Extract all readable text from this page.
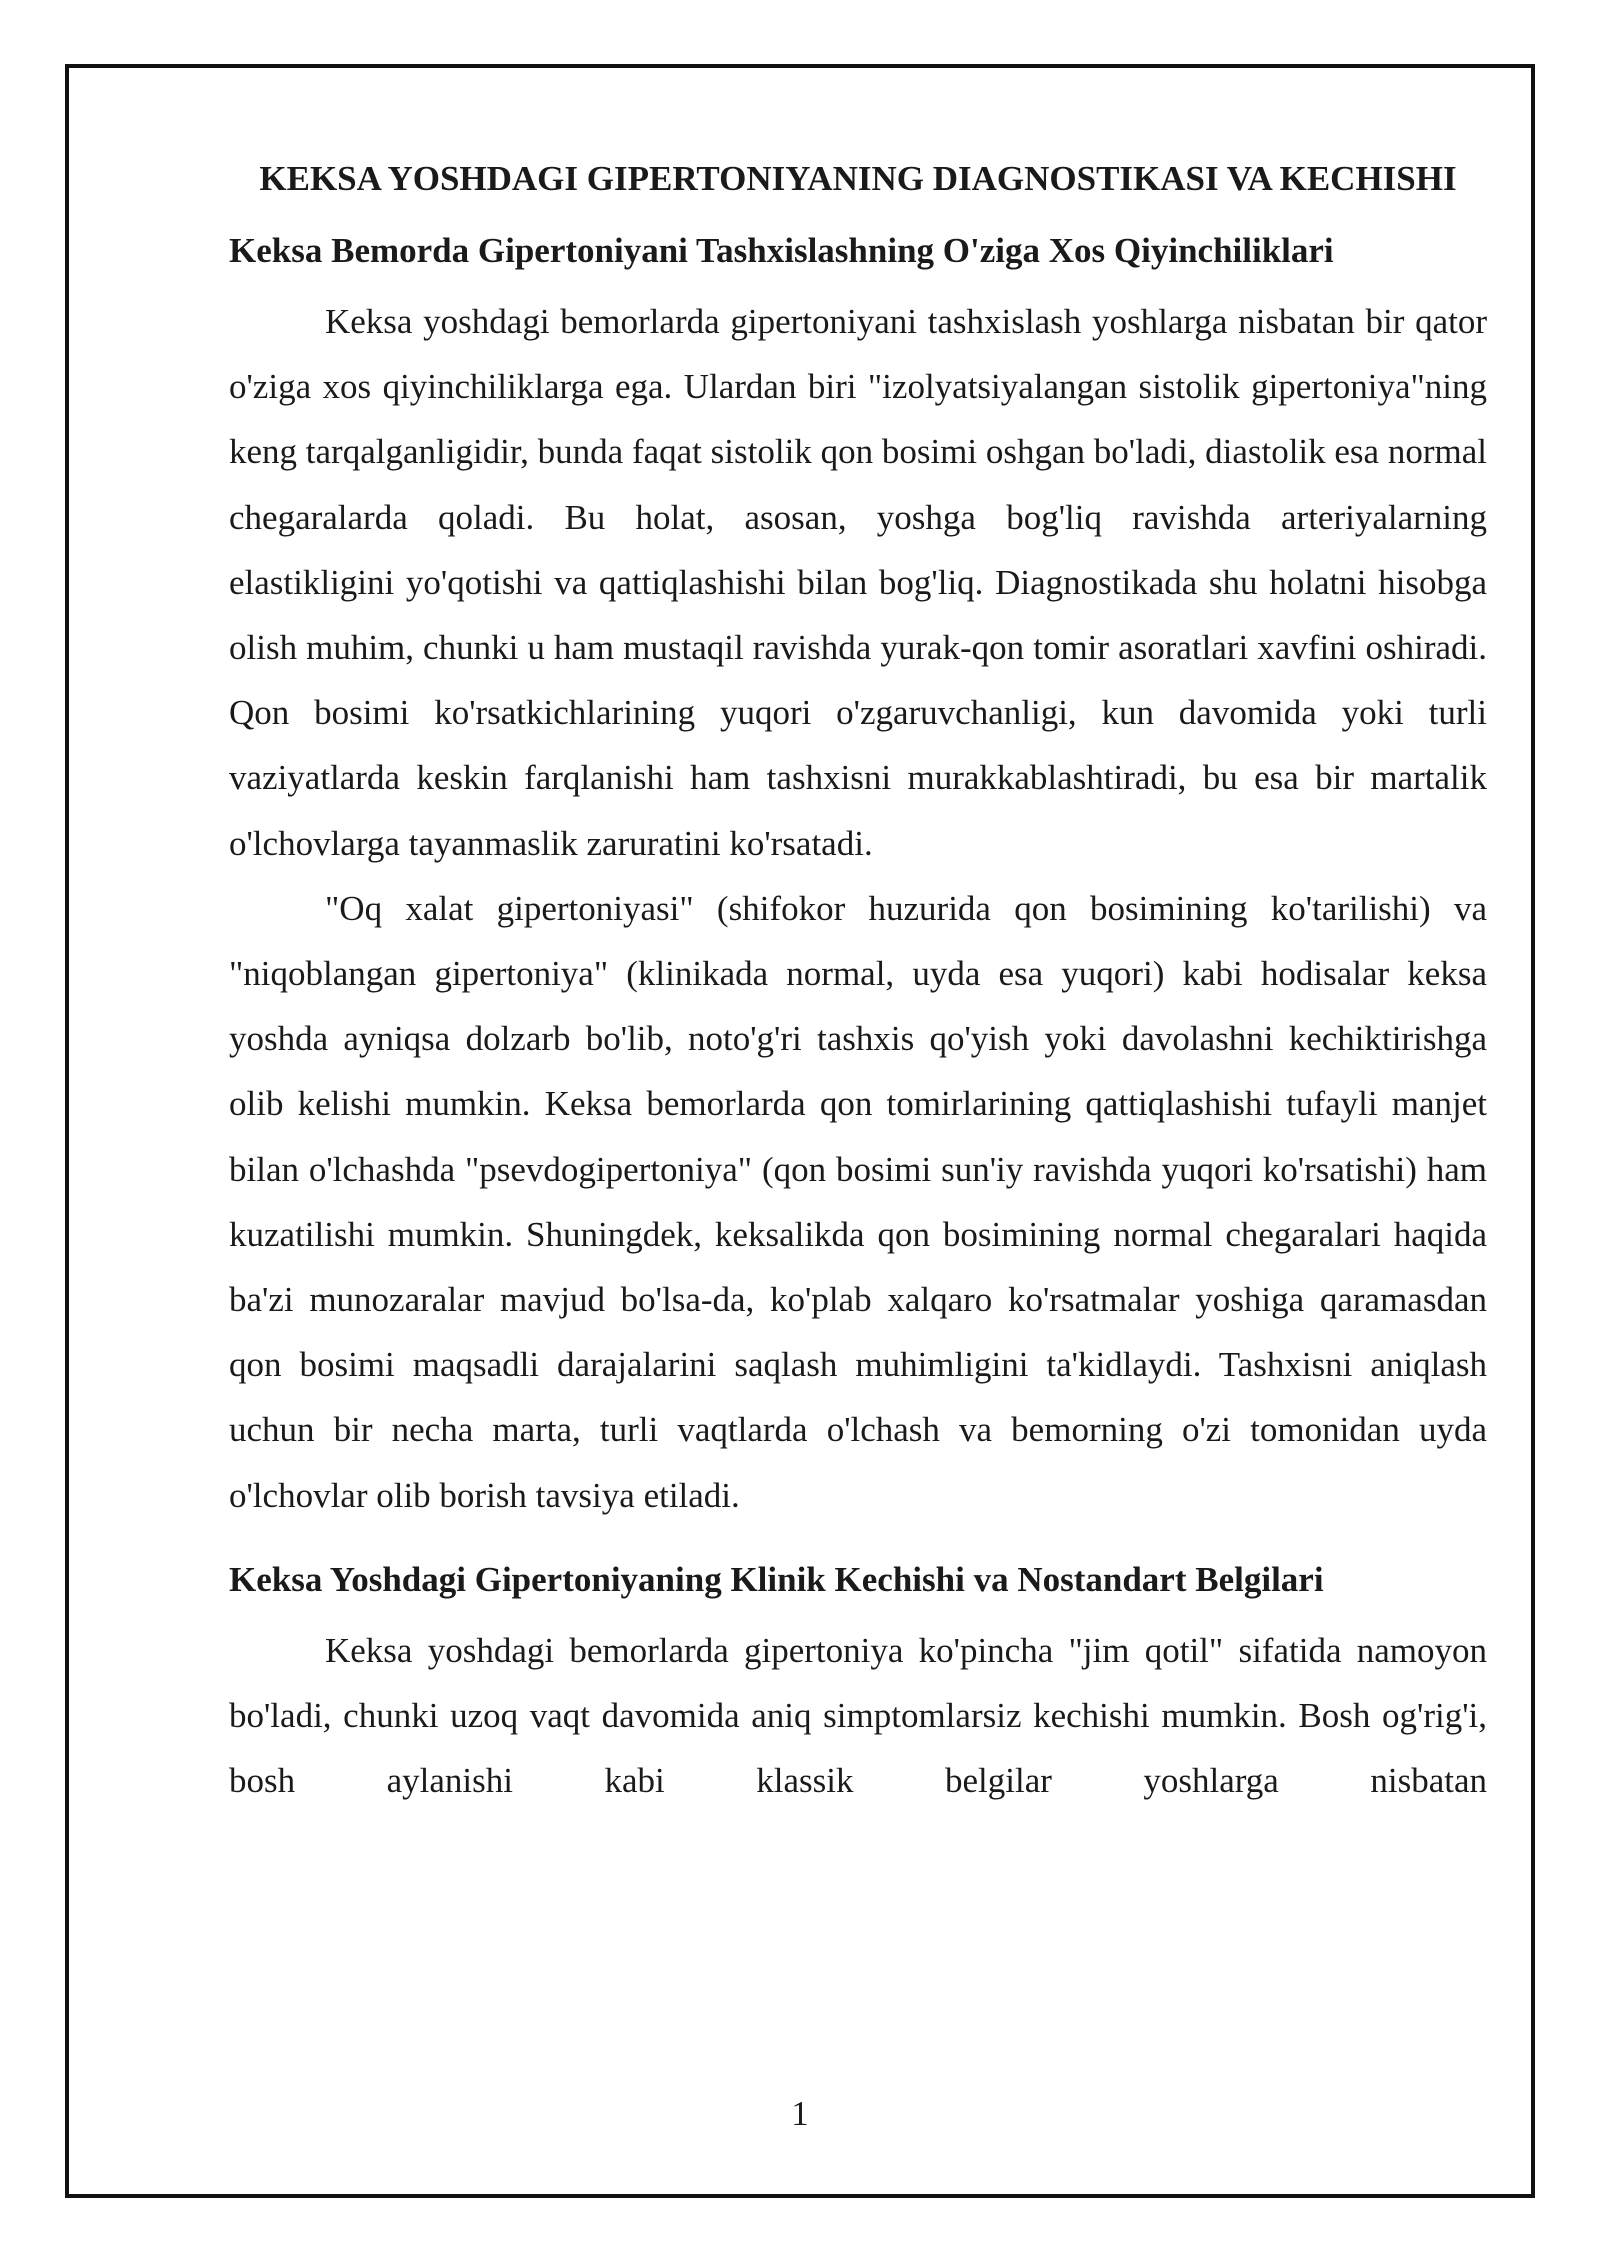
KEKSA YOSHDAGI GIPERTONIYANING DIAGNOSTIKASI VA KECHISHI
Keksa Bemorda Gipertoniyani Tashxislashning O'ziga Xos Qiyinchiliklari

Keksa yoshdagi bemorlarda gipertoniyani tashxislash yoshlarga nisbatan bir qator o'ziga xos qiyinchiliklarga ega. Ulardan biri "izolyatsiyalangan sistolik gipertoniya"ning keng tarqalganligidir, bunda faqat sistolik qon bosimi oshgan bo'ladi, diastolik esa normal chegaralarda qoladi. Bu holat, asosan, yoshga bog'liq ravishda arteriyalarning elastikligini yo'qotishi va qattiqlashishi bilan bog'liq. Diagnostikada shu holatni hisobga olish muhim, chunki u ham mustaqil ravishda yurak-qon tomir asoratlari xavfini oshiradi. Qon bosimi ko'rsatkichlarining yuqori o'zgaruvchanligi, kun davomida yoki turli vaziyatlarda keskin farqlanishi ham tashxisni murakkablashtiradi, bu esa bir martalik o'lchovlarga tayanmaslik zaruratini ko'rsatadi.

"Oq xalat gipertoniyasi" (shifokor huzurida qon bosimining ko'tarilishi) va "niqoblangan gipertoniya" (klinikada normal, uyda esa yuqori) kabi hodisalar keksa yoshda ayniqsa dolzarb bo'lib, noto'g'ri tashxis qo'yish yoki davolashni kechiktirishga olib kelishi mumkin. Keksa bemorlarda qon tomirlarining qattiqlashishi tufayli manjet bilan o'lchashda "psevdogipertoniya" (qon bosimi sun'iy ravishda yuqori ko'rsatishi) ham kuzatilishi mumkin. Shuningdek, keksalikda qon bosimining normal chegaralari haqida ba'zi munozaralar mavjud bo'lsa-da, ko'plab xalqaro ko'rsatmalar yoshiga qaramasdan qon bosimi maqsadli darajalarini saqlash muhimligini ta'kidlaydi. Tashxisni aniqlash uchun bir necha marta, turli vaqtlarda o'lchash va bemorning o'zi tomonidan uyda o'lchovlar olib borish tavsiya etiladi.

Keksa Yoshdagi Gipertoniyaning Klinik Kechishi va Nostandart Belgilari

Keksa yoshdagi bemorlarda gipertoniya ko'pincha "jim qotil" sifatida namoyon bo'ladi, chunki uzoq vaqt davomida aniq simptomlarsiz kechishi mumkin. Bosh og'rig'i, bosh aylanishi kabi klassik belgilar yoshlarga nisbatan

1
